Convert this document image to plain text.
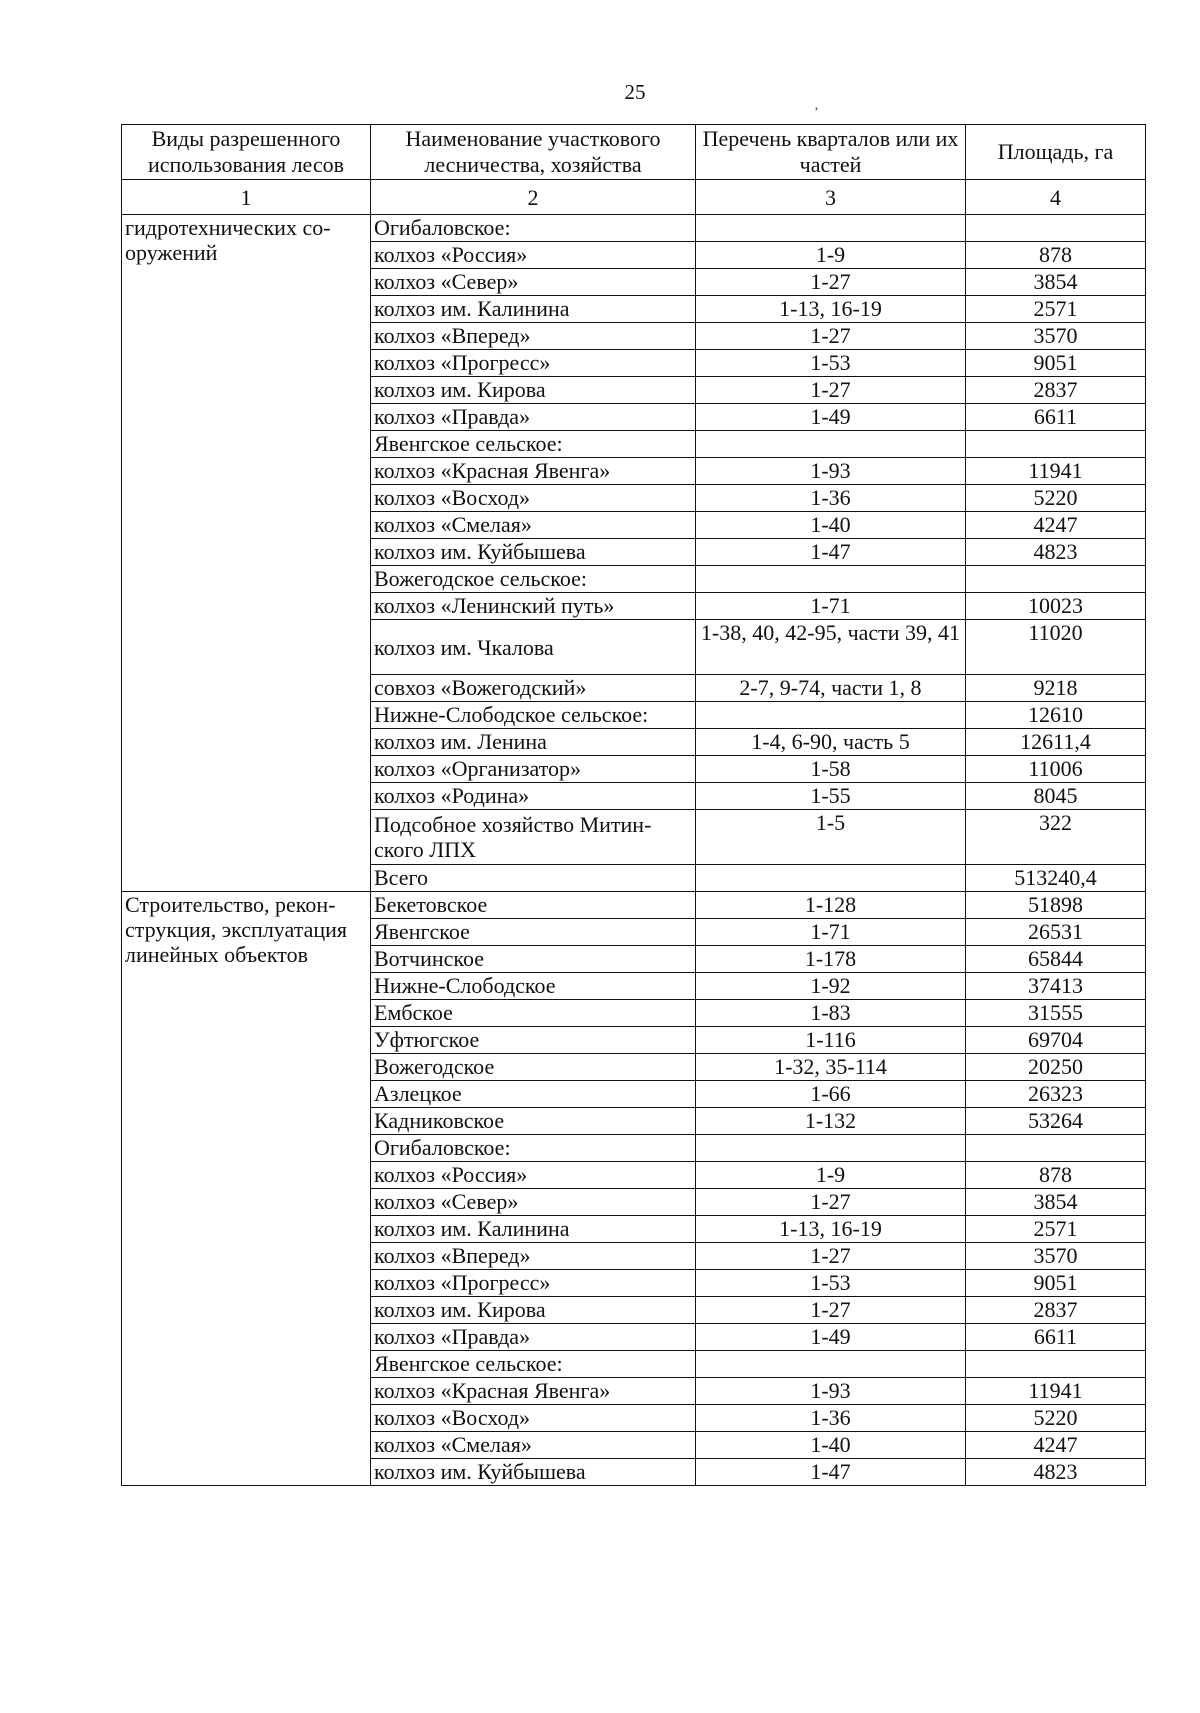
25
‚
Виды разрешенного использования лесов	Наименование участкового лесничества, хозяйства	Перечень кварталов или их частей	Площадь, га
1	2	3	4
гидротехнических со-
оружений	Огибаловское:		
	колхоз «Россия»	1-9	878
	колхоз «Север»	1-27	3854
	колхоз им. Калинина	1-13, 16-19	2571
	колхоз «Вперед»	1-27	3570
	колхоз «Прогресс»	1-53	9051
	колхоз им. Кирова	1-27	2837
	колхоз «Правда»	1-49	6611
	Явенгское сельское:		
	колхоз «Красная Явенга»	1-93	11941
	колхоз «Восход»	1-36	5220
	колхоз «Смелая»	1-40	4247
	колхоз им. Куйбышева	1-47	4823
	Вожегодское сельское:		
	колхоз «Ленинский путь»	1-71	10023
	колхоз им. Чкалова	1-38, 40, 42-95, части 39, 41	11020
	совхоз «Вожегодский»	2-7, 9-74, части 1, 8	9218
	Нижне-Слободское сельское:		12610
	колхоз им. Ленина	1-4, 6-90, часть 5	12611,4
	колхоз «Организатор»	1-58	11006
	колхоз «Родина»	1-55	8045
	Подсобное хозяйство Митин-
ского ЛПХ	1-5	322
	Всего		513240,4
Строительство, рекон-
струкция, эксплуатация
линейных объектов	Бекетовское	1-128	51898
	Явенгское	1-71	26531
	Вотчинское	1-178	65844
	Нижне-Слободское	1-92	37413
	Ембское	1-83	31555
	Уфтюгское	1-116	69704
	Вожегодское	1-32, 35-114	20250
	Азлецкое	1-66	26323
	Кадниковское	1-132	53264
	Огибаловское:		
	колхоз «Россия»	1-9	878
	колхоз «Север»	1-27	3854
	колхоз им. Калинина	1-13, 16-19	2571
	колхоз «Вперед»	1-27	3570
	колхоз «Прогресс»	1-53	9051
	колхоз им. Кирова	1-27	2837
	колхоз «Правда»	1-49	6611
	Явенгское сельское:		
	колхоз «Красная Явенга»	1-93	11941
	колхоз «Восход»	1-36	5220
	колхоз «Смелая»	1-40	4247
	колхоз им. Куйбышева	1-47	4823
